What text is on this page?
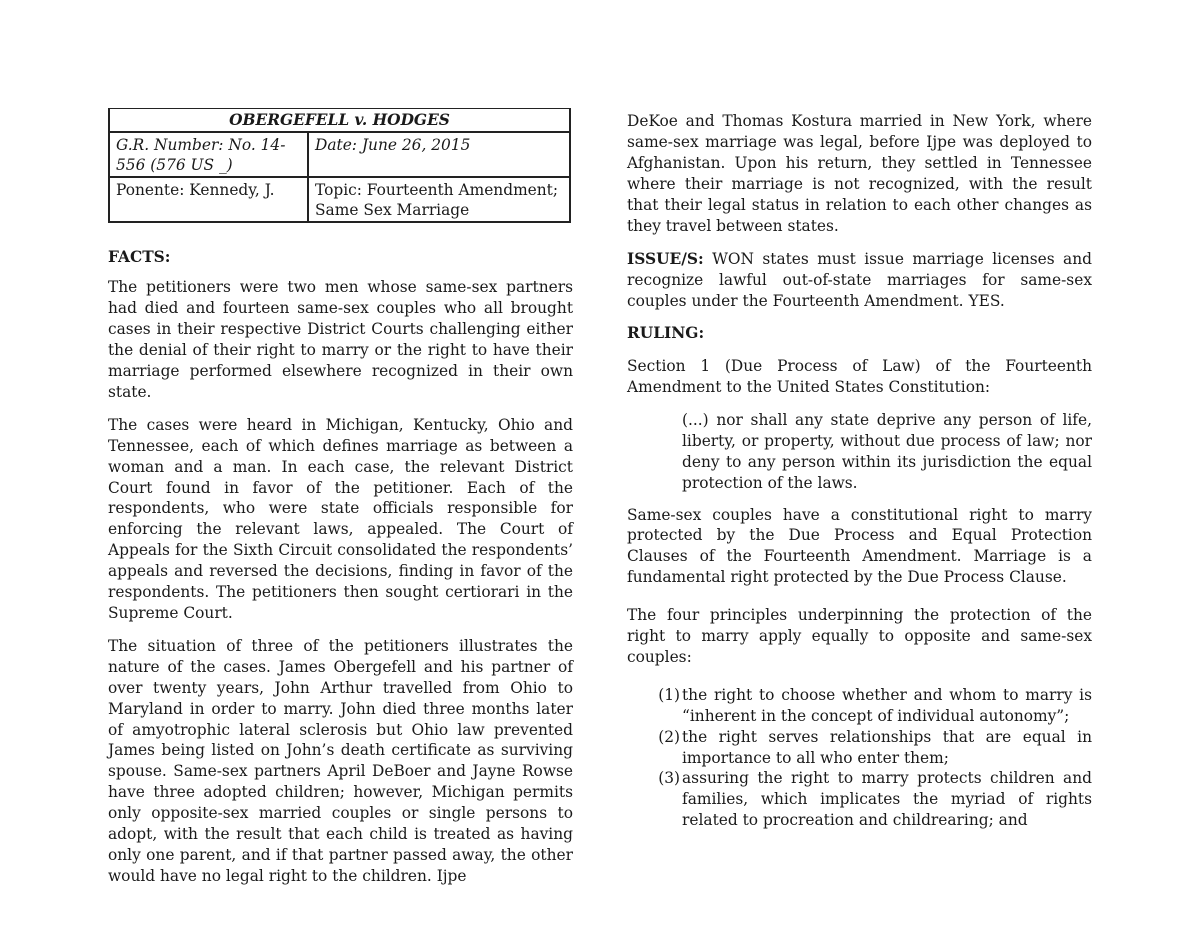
OBERGEFELL v. HODGES	
G.R. Number: No. 14-556 (576 US _)	Date: June 26, 2015
Ponente: Kennedy, J.	Topic: Fourteenth Amendment; Same Sex Marriage
FACTS:

The petitioners were two men whose same-sex partners had died and fourteen same-sex couples who all brought cases in their respective District Courts challenging either the denial of their right to marry or the right to have their marriage performed elsewhere recognized in their own state.

The cases were heard in Michigan, Kentucky, Ohio and Tennessee, each of which defines marriage as between a woman and a man. In each case, the relevant District Court found in favor of the petitioner. Each of the respondents, who were state officials responsible for enforcing the relevant laws, appealed. The Court of Appeals for the Sixth Circuit consolidated the respondents’ appeals and reversed the decisions, finding in favor of the respondents. The petitioners then sought certiorari in the Supreme Court.

The situation of three of the petitioners illustrates the nature of the cases. James Obergefell and his partner of over twenty years, John Arthur travelled from Ohio to Maryland in order to marry. John died three months later of amyotrophic lateral sclerosis but Ohio law prevented James being listed on John’s death certificate as surviving spouse. Same-sex partners April DeBoer and Jayne Rowse have three adopted children; however, Michigan permits only opposite-sex married couples or single persons to adopt, with the result that each child is treated as having only one parent, and if that partner passed away, the other would have no legal right to the children. Ijpe

DeKoe and Thomas Kostura married in New York, where same-sex marriage was legal, before Ijpe was deployed to Afghanistan. Upon his return, they settled in Tennessee where their marriage is not recognized, with the result that their legal status in relation to each other changes as they travel between states.

ISSUE/S: WON states must issue marriage licenses and recognize lawful out-of-state marriages for same-sex couples under the Fourteenth Amendment. YES.

RULING:

Section 1 (Due Process of Law) of the Fourteenth Amendment to the United States Constitution:

(...) nor shall any state deprive any person of life, liberty, or property, without due process of law; nor deny to any person within its jurisdiction the equal protection of the laws.

Same-sex couples have a constitutional right to marry protected by the Due Process and Equal Protection Clauses of the Fourteenth Amendment. Marriage is a fundamental right protected by the Due Process Clause.

The four principles underpinning the protection of the right to marry apply equally to opposite and same-sex couples:

(1) the right to choose whether and whom to marry is “inherent in the concept of individual autonomy”;
(2) the right serves relationships that are equal in importance to all who enter them;
(3) assuring the right to marry protects children and families, which implicates the myriad of rights related to procreation and childrearing; and
